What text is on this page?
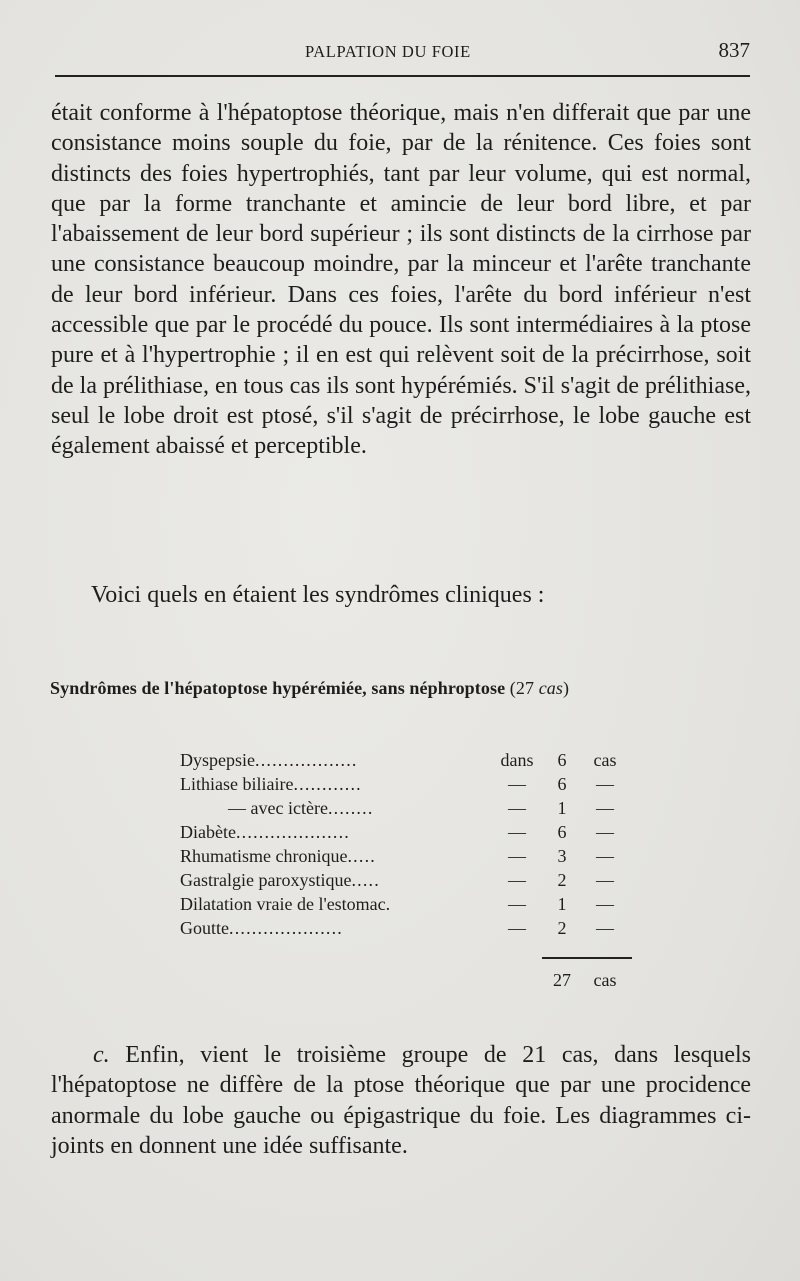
PALPATION DU FOIE	837

était conforme à l'hépatoptose théorique, mais n'en differait que par une consistance moins souple du foie, par de la rénitence. Ces foies sont distincts des foies hypertrophiés, tant par leur volume, qui est normal, que par la forme tranchante et amincie de leur bord libre, et par l'abaissement de leur bord supérieur ; ils sont distincts de la cirrhose par une consistance beaucoup moindre, par la minceur et l'arête tranchante de leur bord inférieur. Dans ces foies, l'arête du bord inférieur n'est accessible que par le procédé du pouce. Ils sont intermédiaires à la ptose pure et à l'hypertrophie ; il en est qui relèvent soit de la précirrhose, soit de la prélithiase, en tous cas ils sont hypérémiés. S'il s'agit de prélithiase, seul le lobe droit est ptosé, s'il s'agit de précirrhose, le lobe gauche est également abaissé et perceptible.

Voici quels en étaient les syndrômes cliniques :

Syndrômes de l'hépatoptose hypérémiée, sans néphroptose (27 cas)
Dyspepsie..................	dans	6	cas
Lithiase biliaire............	—	6	—
— avec ictère........	—	1	—
Diabète....................	—	6	—
Rhumatisme chronique.....	—	3	—
Gastralgie paroxystique.....	—	2	—
Dilatation vraie de l'estomac.	—	1	—
Goutte....................	—	2	—
27	cas

c. Enfin, vient le troisième groupe de 21 cas, dans lesquels l'hépatoptose ne diffère de la ptose théorique que par une procidence anormale du lobe gauche ou épigastrique du foie. Les diagrammes ci-joints en donnent une idée suffisante.
